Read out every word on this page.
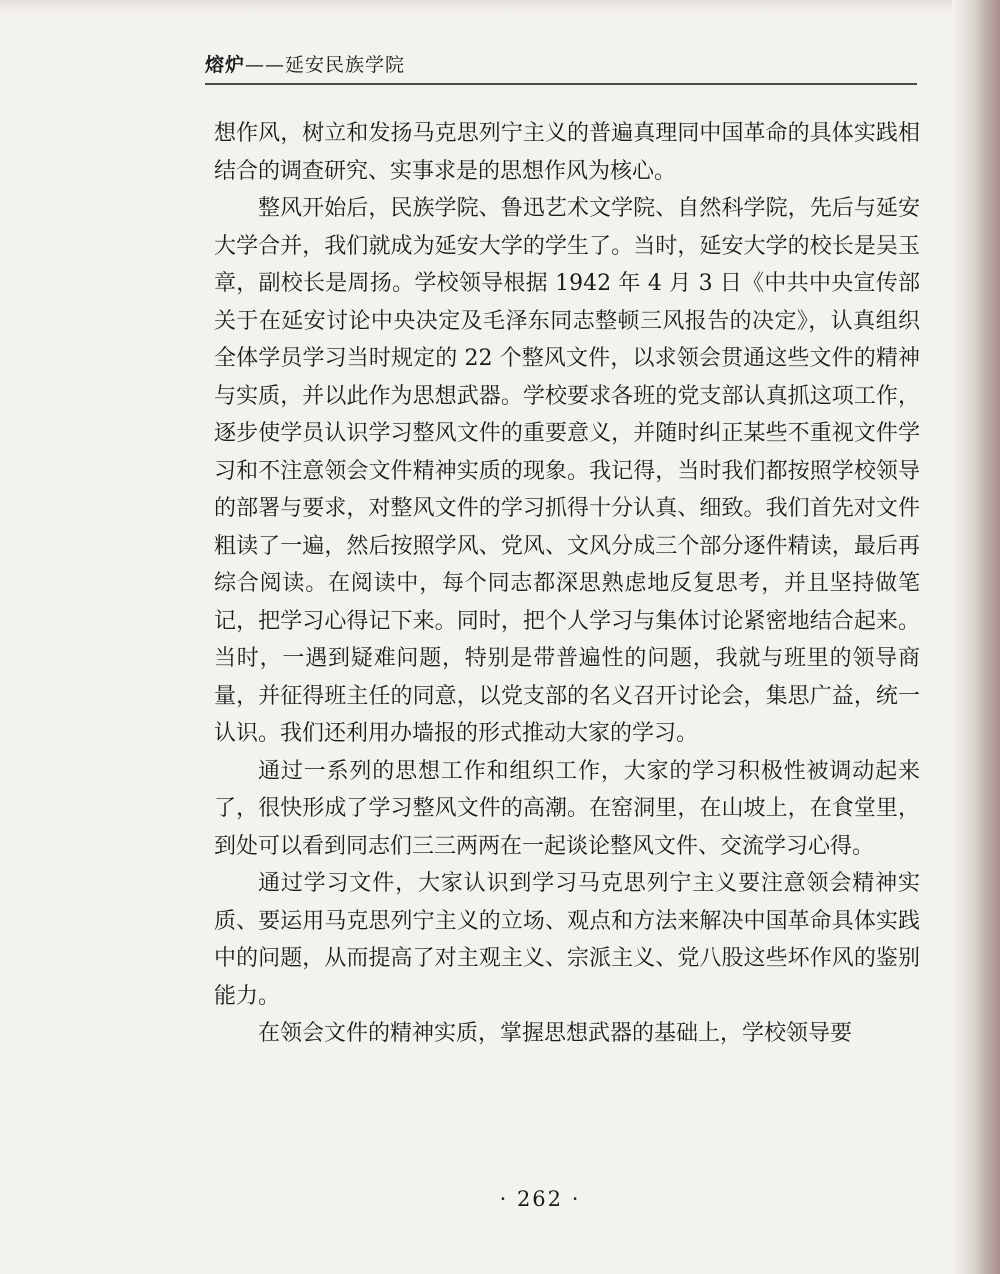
熔炉——延安民族学院

想作风，树立和发扬马克思列宁主义的普遍真理同中国革命的具体实践相结合的调查研究、实事求是的思想作风为核心。

整风开始后，民族学院、鲁迅艺术文学院、自然科学院，先后与延安大学合并，我们就成为延安大学的学生了。当时，延安大学的校长是吴玉章，副校长是周扬。学校领导根据 1942 年 4 月 3 日《中共中央宣传部关于在延安讨论中央决定及毛泽东同志整顿三风报告的决定》，认真组织全体学员学习当时规定的 22 个整风文件，以求领会贯通这些文件的精神与实质，并以此作为思想武器。学校要求各班的党支部认真抓这项工作，逐步使学员认识学习整风文件的重要意义，并随时纠正某些不重视文件学习和不注意领会文件精神实质的现象。我记得，当时我们都按照学校领导的部署与要求，对整风文件的学习抓得十分认真、细致。我们首先对文件粗读了一遍，然后按照学风、党风、文风分成三个部分逐件精读，最后再综合阅读。在阅读中，每个同志都深思熟虑地反复思考，并且坚持做笔记，把学习心得记下来。同时，把个人学习与集体讨论紧密地结合起来。当时，一遇到疑难问题，特别是带普遍性的问题，我就与班里的领导商量，并征得班主任的同意，以党支部的名义召开讨论会，集思广益，统一认识。我们还利用办墙报的形式推动大家的学习。

通过一系列的思想工作和组织工作，大家的学习积极性被调动起来了，很快形成了学习整风文件的高潮。在窑洞里，在山坡上，在食堂里，到处可以看到同志们三三两两在一起谈论整风文件、交流学习心得。

通过学习文件，大家认识到学习马克思列宁主义要注意领会精神实质、要运用马克思列宁主义的立场、观点和方法来解决中国革命具体实践中的问题，从而提高了对主观主义、宗派主义、党八股这些坏作风的鉴别能力。

在领会文件的精神实质，掌握思想武器的基础上，学校领导要

· 262 ·
